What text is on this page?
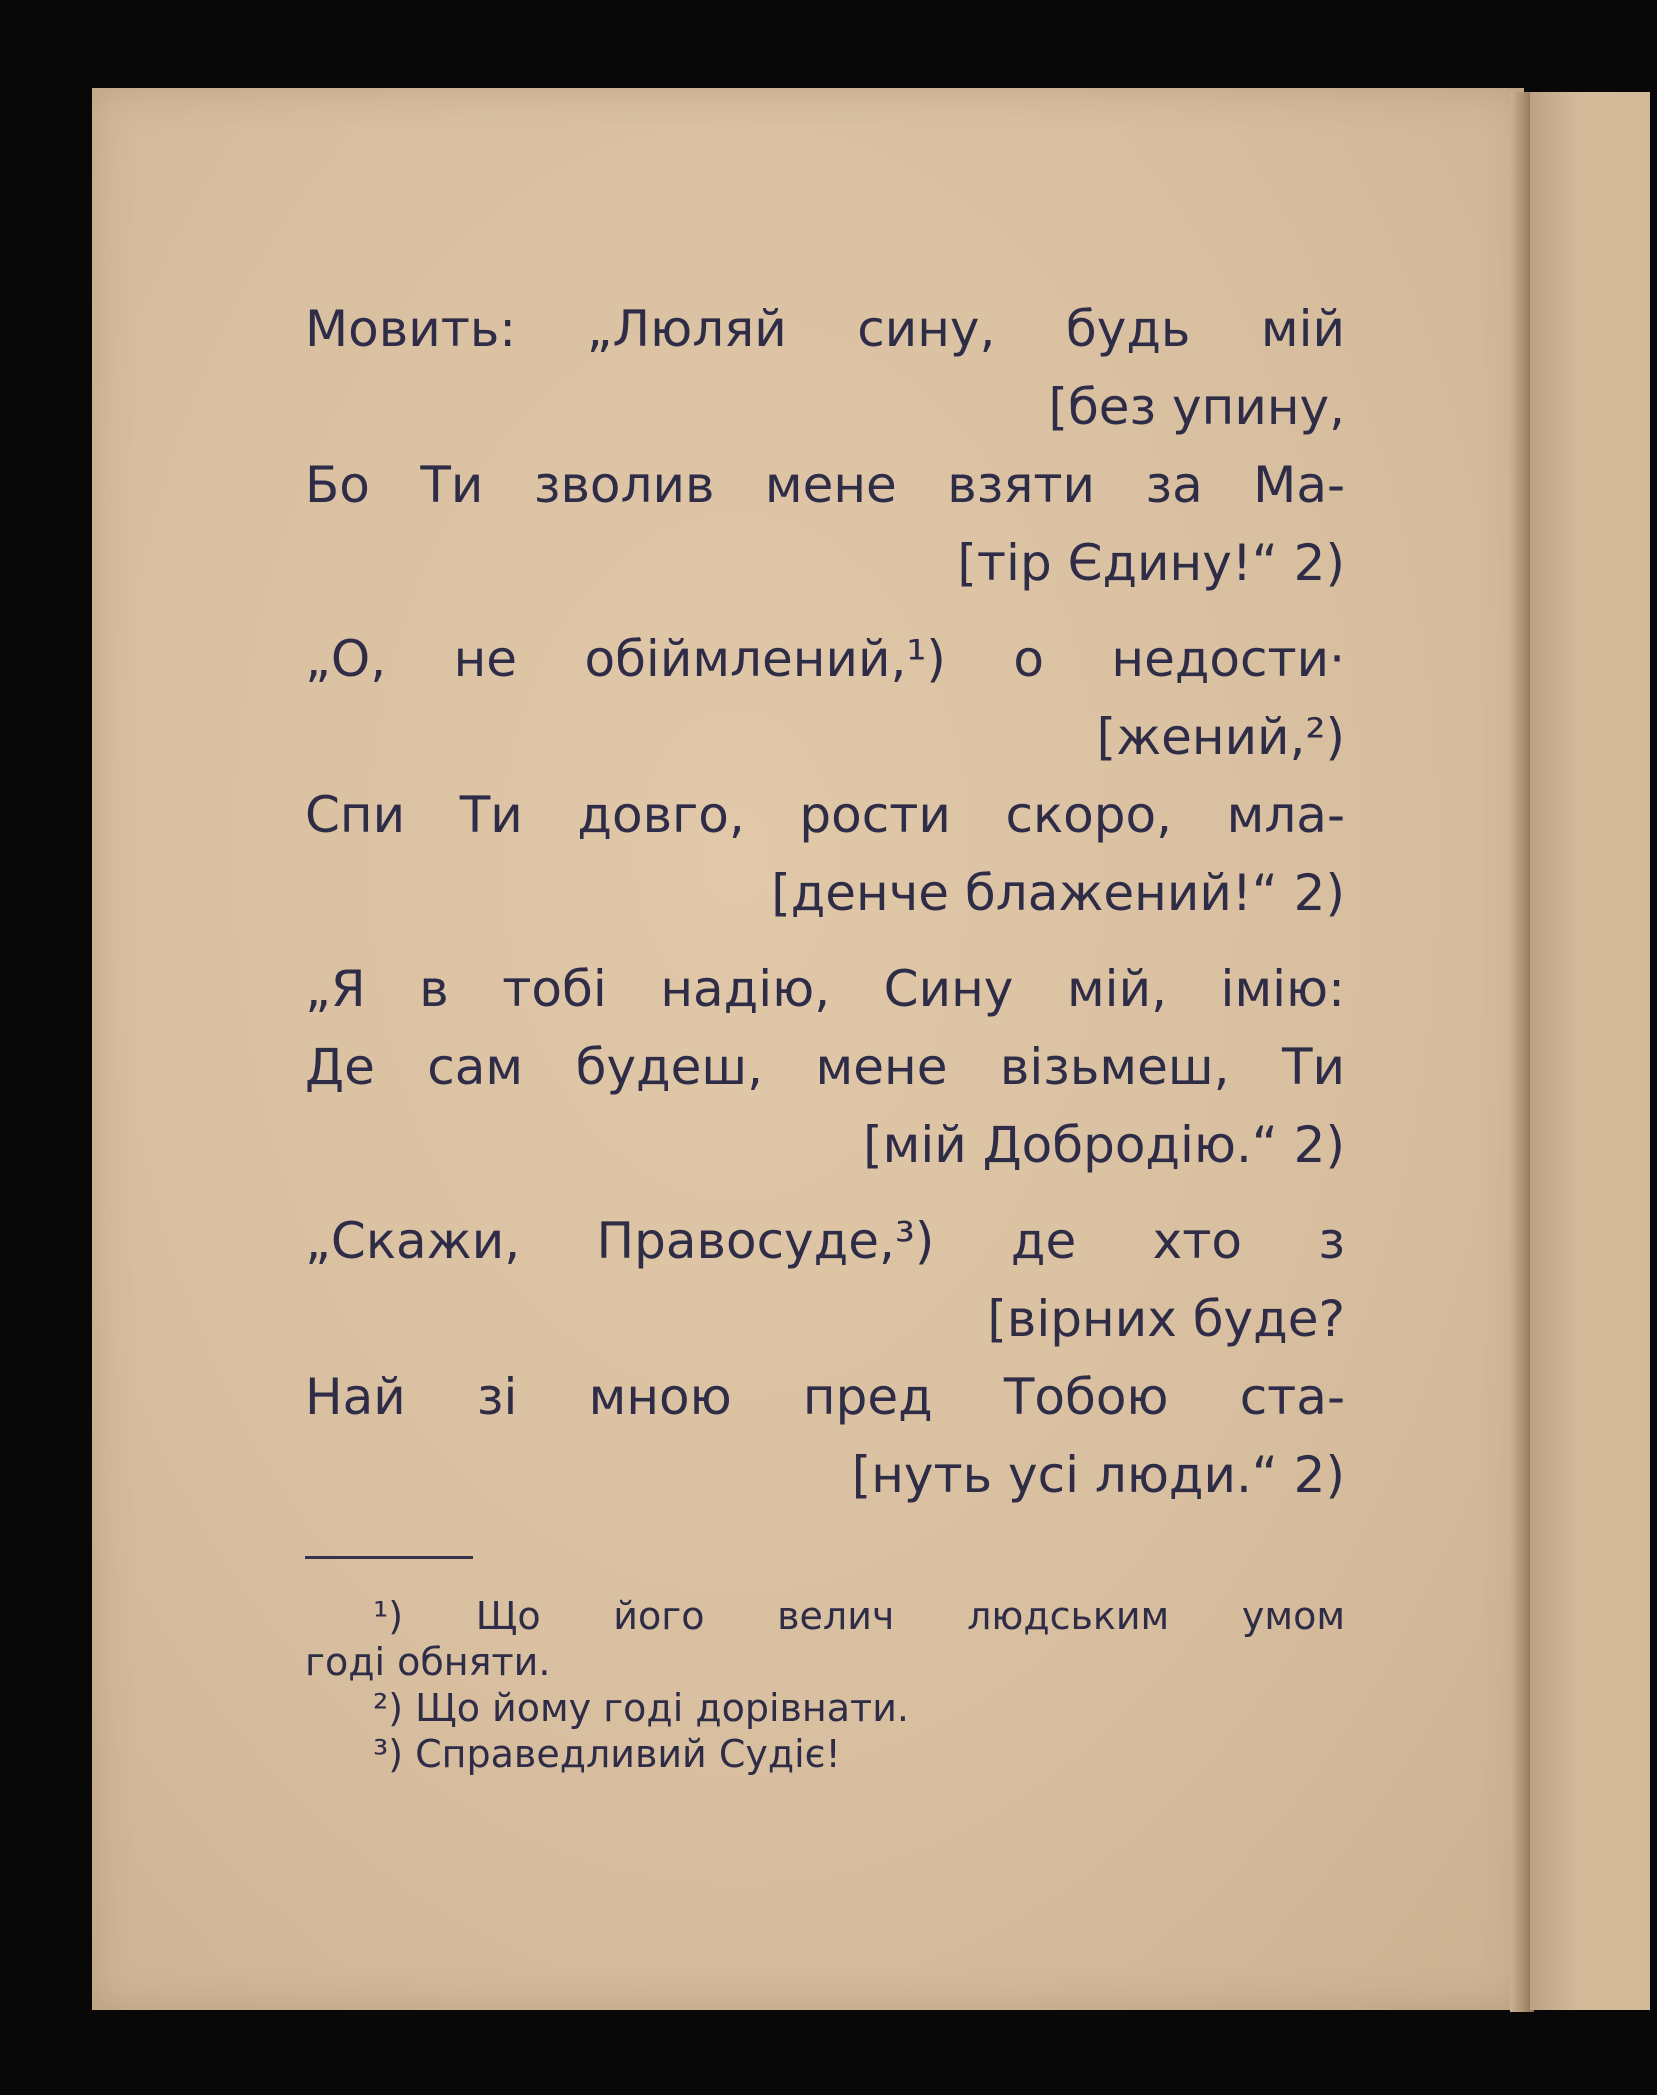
Мовить: „Люляй сину, будь мій
[без упину,
Бо Ти зволив мене взяти за Ма-
[тір Єдину!“ 2)
„О, не обіймлений,¹) о недости·
[жений,²)
Спи Ти довго, рости скоро, мла-
[денче блажений!“ 2)
„Я в тобі надію, Сину мій, імію:
Де сам будеш, мене візьмеш, Ти
[мій Добродію.“ 2)
„Скажи, Правосуде,³) де хто з
[вірних буде?
Най зі мною пред Тобою ста-
[нуть усі люди.“ 2)
¹) Що його велич людським умом
годі обняти.
²) Що йому годі дорівнати.
³) Справедливий Судіє!
